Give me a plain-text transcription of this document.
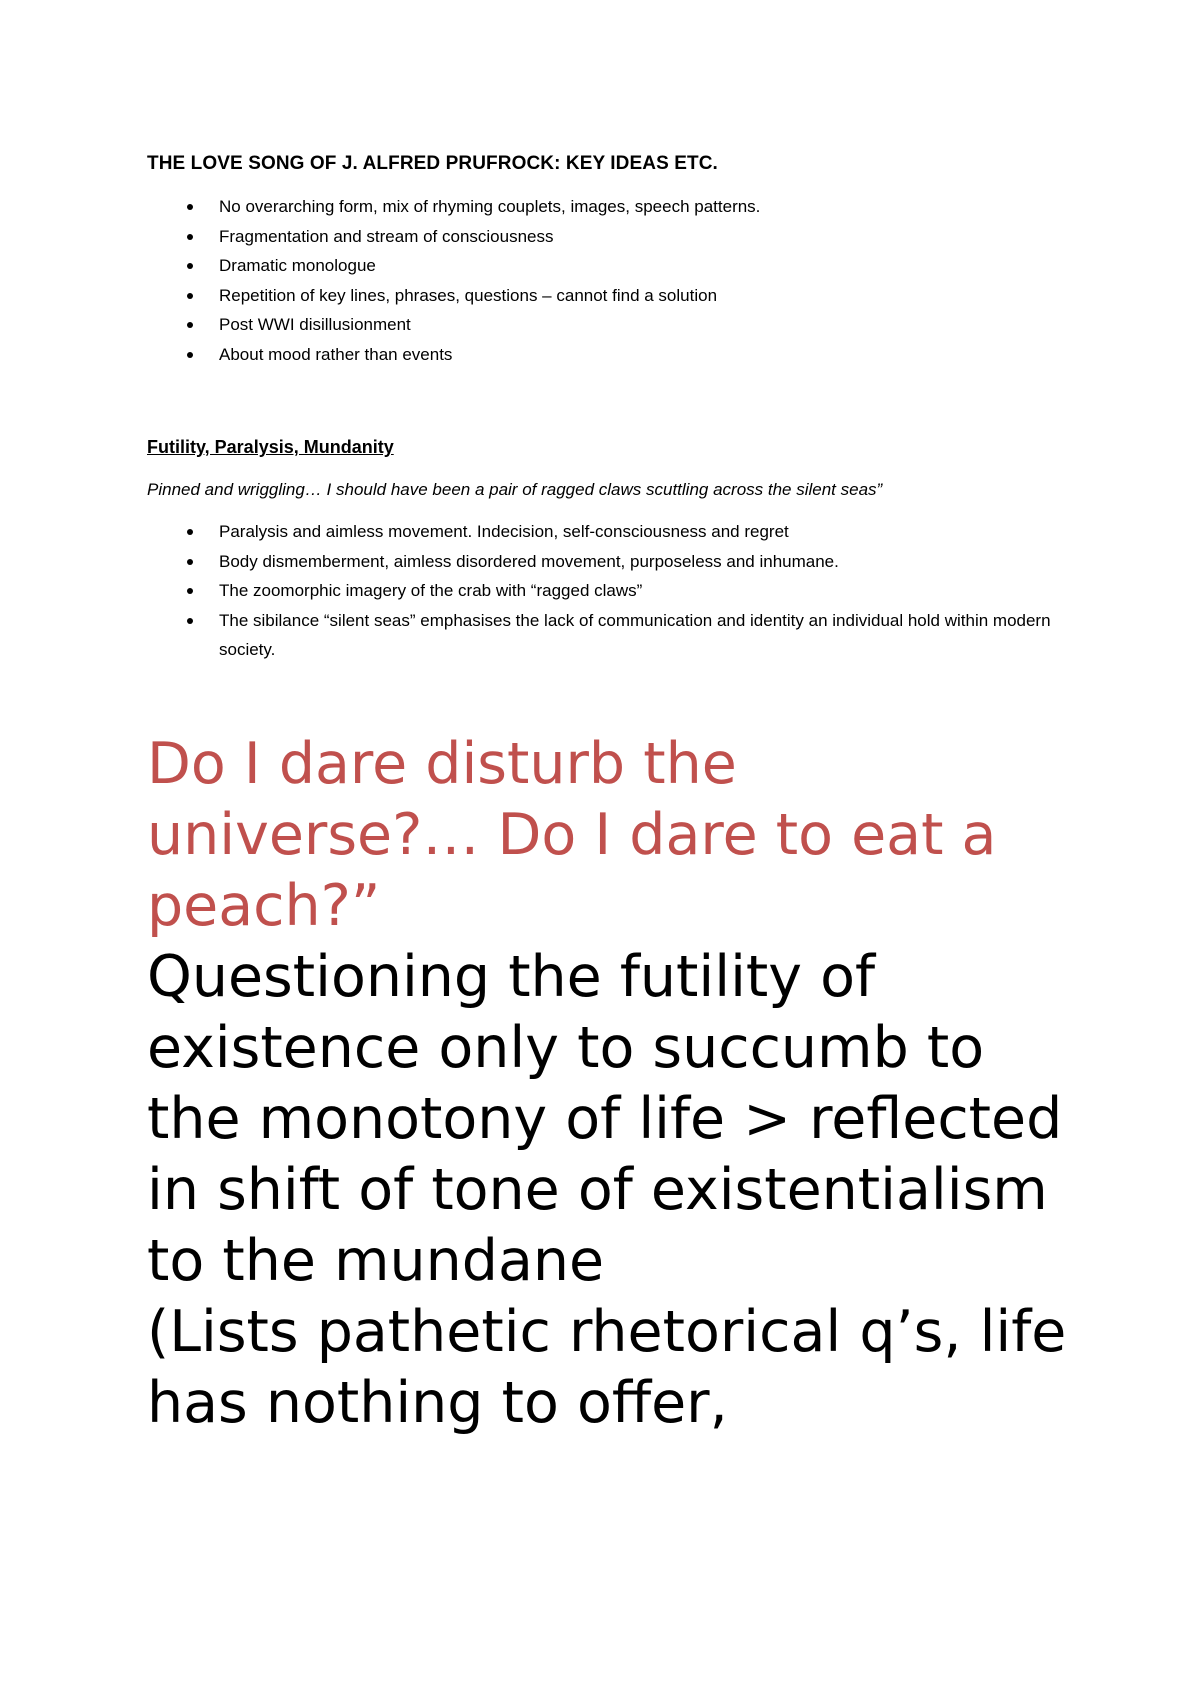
THE LOVE SONG OF J. ALFRED PRUFROCK: KEY IDEAS ETC.
No overarching form, mix of rhyming couplets, images, speech patterns.
Fragmentation and stream of consciousness
Dramatic monologue
Repetition of key lines, phrases, questions – cannot find a solution
Post WWI disillusionment
About mood rather than events
Futility, Paralysis, Mundanity

Pinned and wriggling… I should have been a pair of ragged claws scuttling across the silent seas”

Paralysis and aimless movement. Indecision, self-consciousness and regret
Body dismemberment, aimless disordered movement, purposeless and inhumane.
The zoomorphic imagery of the crab with “ragged claws”
The sibilance “silent seas” emphasises the lack of communication and identity an individual hold within modern society.

Do I dare disturb the universe?… Do I dare to eat a peach?”

Questioning the futility of existence only to succumb to the monotony of life > reflected in shift of tone of existentialism to the mundane

(Lists pathetic rhetorical q’s, life has nothing to offer,
